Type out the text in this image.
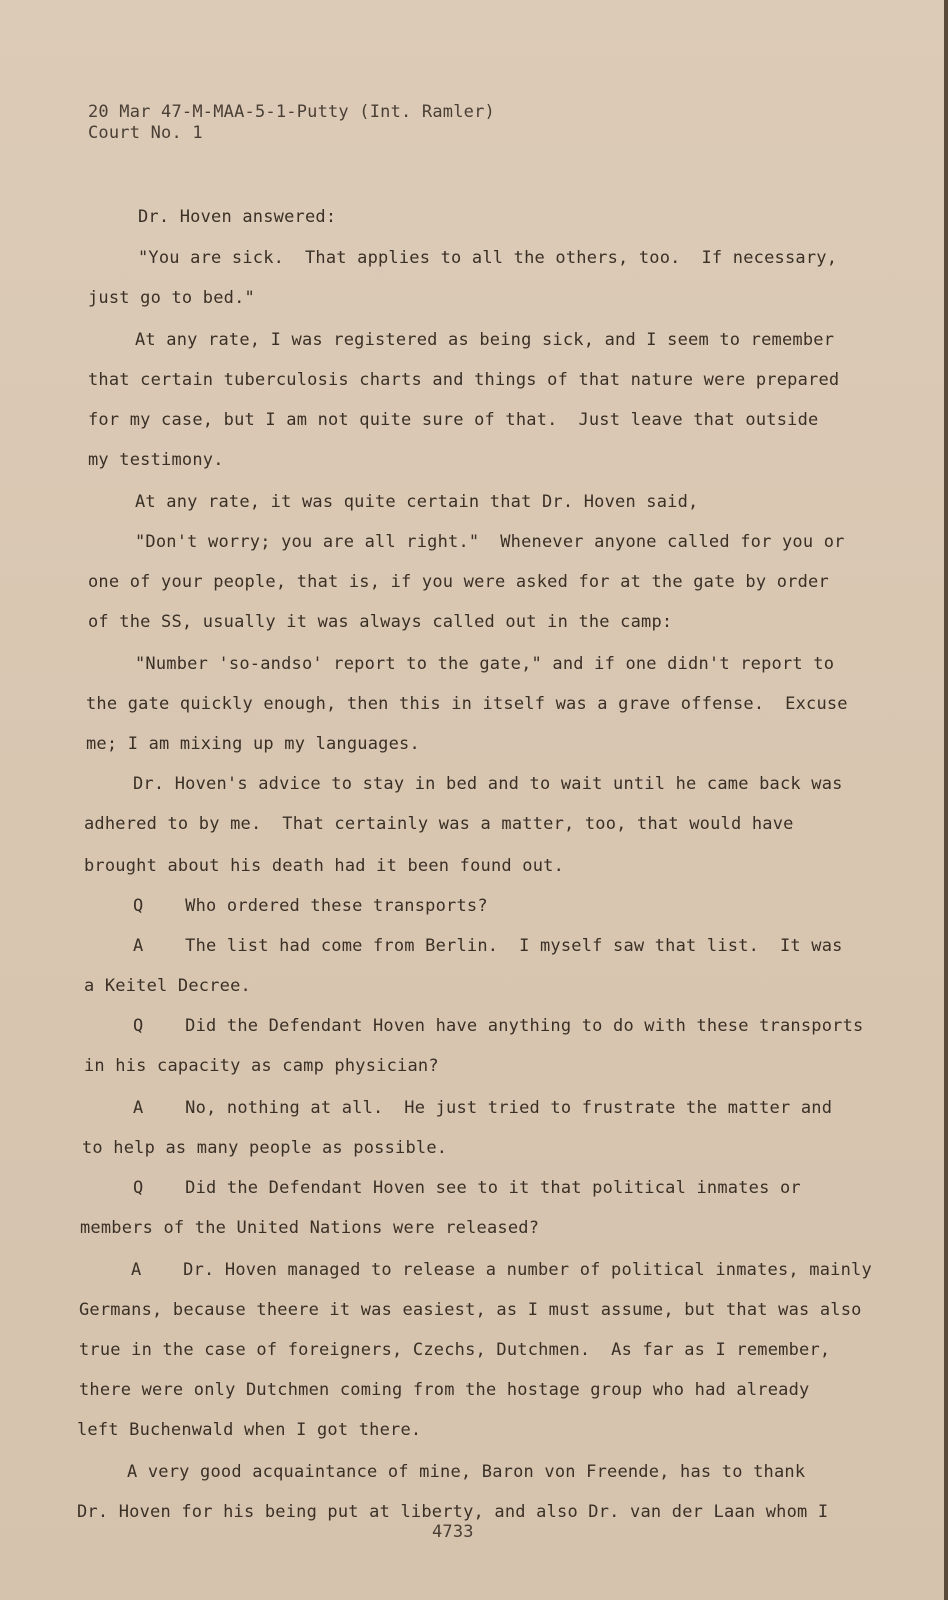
20 Mar 47-M-MAA-5-1-Putty (Int. Ramler)
Court No. 1
Dr. Hoven answered:
"You are sick.  That applies to all the others, too.  If necessary,
just go to bed."
At any rate, I was registered as being sick, and I seem to remember
that certain tuberculosis charts and things of that nature were prepared
for my case, but I am not quite sure of that.  Just leave that outside
my testimony.
At any rate, it was quite certain that Dr. Hoven said,
"Don't worry; you are all right."  Whenever anyone called for you or
one of your people, that is, if you were asked for at the gate by order
of the SS, usually it was always called out in the camp:
"Number 'so-andso' report to the gate," and if one didn't report to
the gate quickly enough, then this in itself was a grave offense.  Excuse
me; I am mixing up my languages.
Dr. Hoven's advice to stay in bed and to wait until he came back was
adhered to by me.  That certainly was a matter, too, that would have
brought about his death had it been found out.
Q    Who ordered these transports?
A    The list had come from Berlin.  I myself saw that list.  It was
a Keitel Decree.
Q    Did the Defendant Hoven have anything to do with these transports
in his capacity as camp physician?
A    No, nothing at all.  He just tried to frustrate the matter and
to help as many people as possible.
Q    Did the Defendant Hoven see to it that political inmates or
members of the United Nations were released?
A    Dr. Hoven managed to release a number of political inmates, mainly
Germans, because theere it was easiest, as I must assume, but that was also
true in the case of foreigners, Czechs, Dutchmen.  As far as I remember,
there were only Dutchmen coming from the hostage group who had already
left Buchenwald when I got there.
A very good acquaintance of mine, Baron von Freende, has to thank
Dr. Hoven for his being put at liberty, and also Dr. van der Laan whom I
4733
